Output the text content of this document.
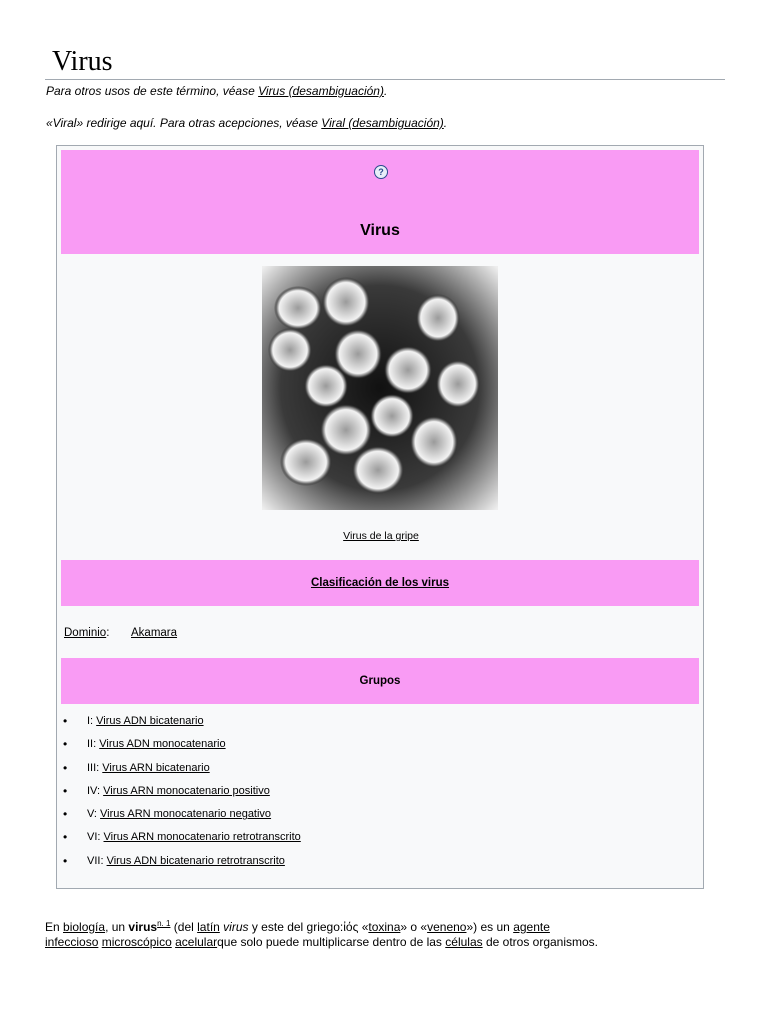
Virus
Para otros usos de este término, véase Virus (desambiguación).
«Viral» redirige aquí. Para otras acepciones, véase Viral (desambiguación).
?
Virus
Virus de la gripe
Clasificación de los virus
Dominio: Akamara
Grupos
• I: Virus ADN bicatenario
• II: Virus ADN monocatenario
• III: Virus ARN bicatenario
• IV: Virus ARN monocatenario positivo
• V: Virus ARN monocatenario negativo
• VI: Virus ARN monocatenario retrotranscrito
• VII: Virus ADN bicatenario retrotranscrito

En biología, un virus$^{n. 1}$ (del latín virus y este del griego:ἰός «toxina» o «veneno») es un agente
infeccioso microscópico acelularque solo puede multiplicarse dentro de las células de otros organismos.
